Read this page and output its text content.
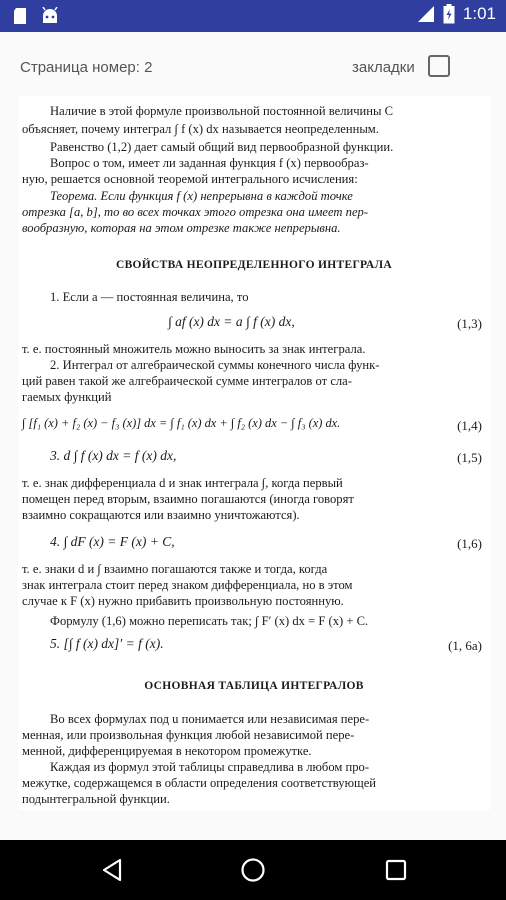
1:01
Страница номер: 2	закладки
Наличие в этой формуле произвольной постоянной величины C
объясняет, почему интеграл ∫ f (x) dx называется неопределенным.
Равенство (1,2) дает самый общий вид первообразной функции.
Вопрос о том, имеет ли заданная функция f (x) первообраз-
ную, решается основной теоремой интегрального исчисления:
Теорема. Если функция f (x) непрерывна в каждой точке
отрезка [a, b], то во всех точках этого отрезка она имеет пер-
вообразную, которая на этом отрезке также непрерывна.
СВОЙСТВА НЕОПРЕДЕЛЕННОГО ИНТЕГРАЛА
1. Если a — постоянная величина, то
∫ af (x) dx = a ∫ f (x) dx,	(1,3)
т. е. постоянный множитель можно выносить за знак интеграла.
2. Интеграл от алгебраической суммы конечного числа функ-
ций равен такой же алгебраической сумме интегралов от сла-
гаемых функций
∫ [f₁ (x) + f₂ (x) − f₃ (x)] dx = ∫ f₁ (x) dx + ∫ f₂ (x) dx − ∫ f₃ (x) dx.	(1,4)
3. d ∫ f (x) dx = f (x) dx,	(1,5)
т. е. знак дифференциала d и знак интеграла ∫, когда первый
помещен перед вторым, взаимно погашаются (иногда говорят
взаимно сокращаются или взаимно уничтожаются).
4. ∫ dF (x) = F (x) + C,	(1,6)
т. е. знаки d и ∫ взаимно погашаются также и тогда, когда
знак интеграла стоит перед знаком дифференциала, но в этом
случае к F (x) нужно прибавить произвольную постоянную.
Формулу (1,6) можно переписать так; ∫ F′ (x) dx = F (x) + C.
5. [∫ f (x) dx]′ = f (x).	(1, 6а)
ОСНОВНАЯ ТАБЛИЦА ИНТЕГРАЛОВ
Во всех формулах под u понимается или независимая пере-
менная, или произвольная функция любой независимой пере-
менной, дифференцируемая в некотором промежутке.
Каждая из формул этой таблицы справедлива в любом про-
межутке, содержащемся в области определения соответствующей
подынтегральной функции.
